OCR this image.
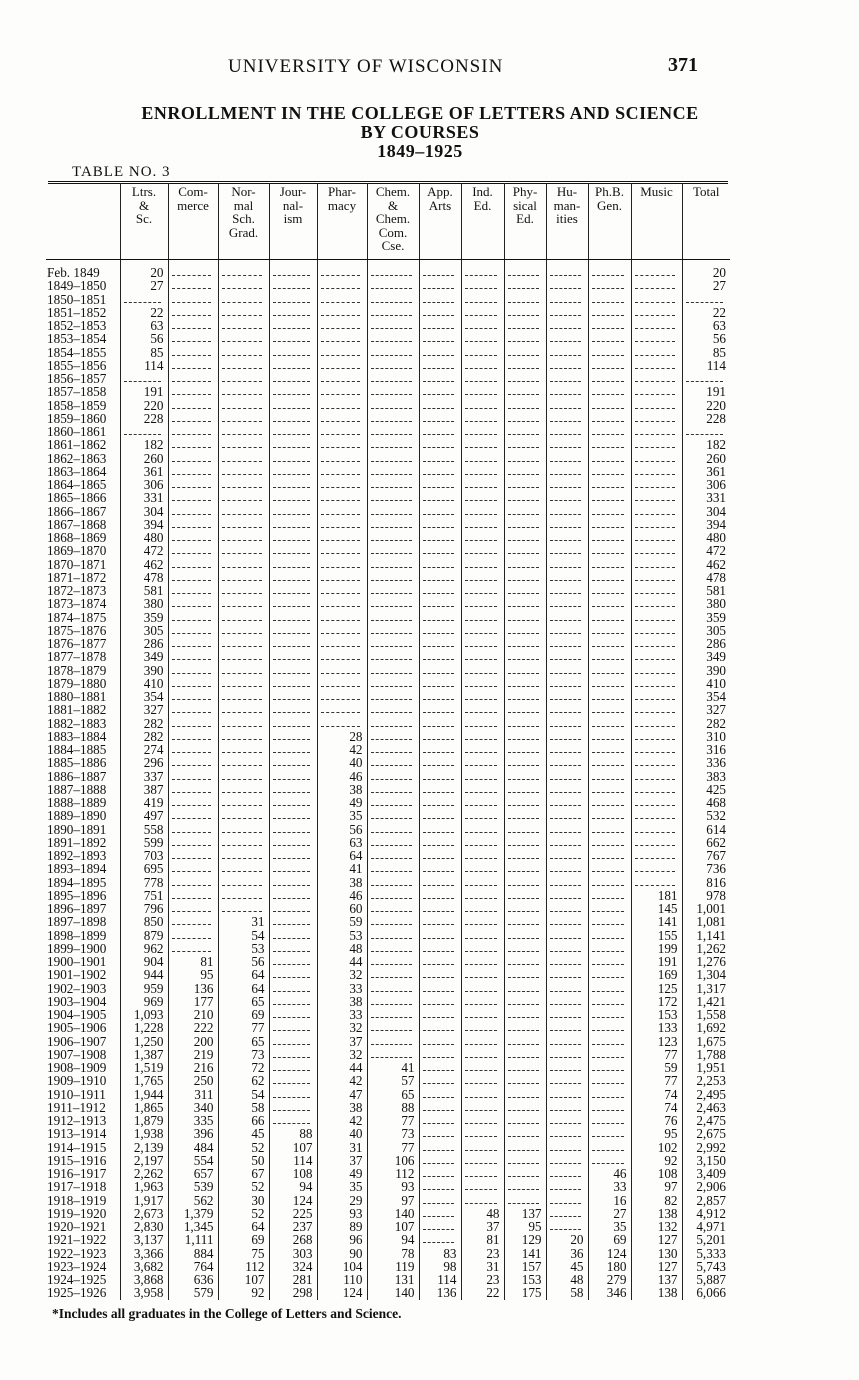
UNIVERSITY OF WISCONSIN	371
ENROLLMENT IN THE COLLEGE OF LETTERS AND SCIENCE
BY COURSES
1849–1925
TABLE NO. 3
	Ltrs.
&
Sc.	Com-
merce	Nor-
mal
Sch.
Grad.	Jour-
nal-
ism	Phar-
macy	Chem.
&
Chem.
Com.
Cse.	App.
Arts	Ind.
Ed.	Phy-
sical
Ed.	Hu-
man-
ities	Ph.B.
Gen.	Music	Total

Feb. 1849	20												20
1849–1850	27												27
1850–1851	

1851–1852	22												22
1852–1853	63												63
1853–1854	56												56
1854–1855	85												85
1855–1856	114												114
1856–1857	

1857–1858	191												191
1858–1859	220												220
1859–1860	228												228
1860–1861	

1861–1862	182												182
1862–1863	260												260
1863–1864	361												361
1864–1865	306												306
1865–1866	331												331
1866–1867	304												304
1867–1868	394												394
1868–1869	480												480
1869–1870	472												472
1870–1871	462												462
1871–1872	478												478
1872–1873	581												581
1873–1874	380												380
1874–1875	359												359
1875–1876	305												305
1876–1877	286												286
1877–1878	349												349
1878–1879	390												390
1879–1880	410												410
1880–1881	354												354
1881–1882	327												327
1882–1883	282												282
1883–1884	282				28								310
1884–1885	274				42								316
1885–1886	296				40								336
1886–1887	337				46								383
1887–1888	387				38								425
1888–1889	419				49								468
1889–1890	497				35								532
1890–1891	558				56								614
1891–1892	599				63								662
1892–1893	703				64								767
1893–1894	695				41								736
1894–1895	778				38								816
1895–1896	751				46							181	978
1896–1897	796				60							145	1,001
1897–1898	850		31		59							141	1,081
1898–1899	879		54		53							155	1,141
1899–1900	962		53		48							199	1,262
1900–1901	904	81	56		44							191	1,276
1901–1902	944	95	64		32							169	1,304
1902–1903	959	136	64		33							125	1,317
1903–1904	969	177	65		38							172	1,421
1904–1905	1,093	210	69		33							153	1,558
1905–1906	1,228	222	77		32							133	1,692
1906–1907	1,250	200	65		37							123	1,675
1907–1908	1,387	219	73		32							77	1,788
1908–1909	1,519	216	72		44	41						59	1,951
1909–1910	1,765	250	62		42	57						77	2,253
1910–1911	1,944	311	54		47	65						74	2,495
1911–1912	1,865	340	58		38	88						74	2,463
1912–1913	1,879	335	66		42	77						76	2,475
1913–1914	1,938	396	45	88	40	73						95	2,675
1914–1915	2,139	484	52	107	31	77						102	2,992
1915–1916	2,197	554	50	114	37	106						92	3,150
1916–1917	2,262	657	67	108	49	112					46	108	3,409
1917–1918	1,963	539	52	94	35	93					33	97	2,906
1918–1919	1,917	562	30	124	29	97					16	82	2,857
1919–1920	2,673	1,379	52	225	93	140		48	137		27	138	4,912
1920–1921	2,830	1,345	64	237	89	107		37	95		35	132	4,971
1921–1922	3,137	1,111	69	268	96	94		81	129	20	69	127	5,201
1922–1923	3,366	884	75	303	90	78	83	23	141	36	124	130	5,333
1923–1924	3,682	764	112	324	104	119	98	31	157	45	180	127	5,743
1924–1925	3,868	636	107	281	110	131	114	23	153	48	279	137	5,887
1925–1926	3,958	579	92	298	124	140	136	22	175	58	346	138	6,066
*Includes all graduates in the College of Letters and Science.
